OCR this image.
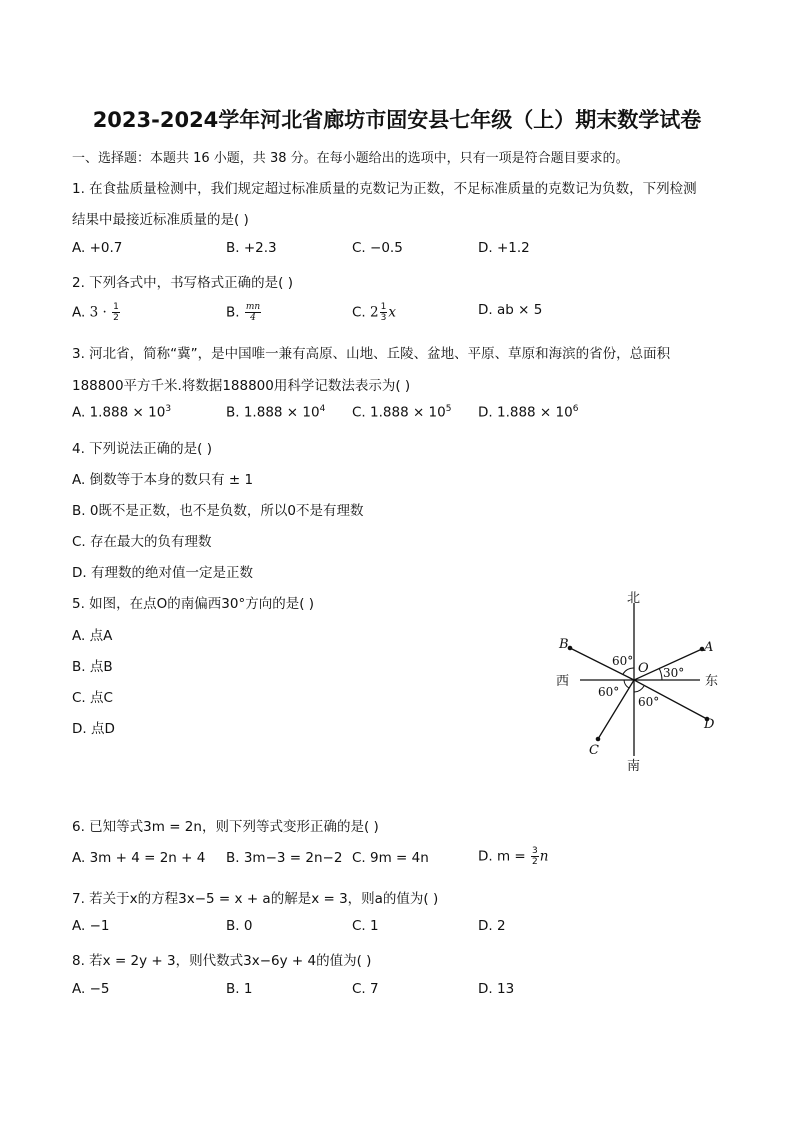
2023-2024学年河北省廊坊市固安县七年级（上）期末数学试卷
一、选择题：本题共 16 小题，共 38 分。在每小题给出的选项中，只有一项是符合题目要求的。
1. 在食盐质量检测中，我们规定超过标准质量的克数记为正数，不足标准质量的克数记为负数，下列检测
结果中最接近标准质量的是( )
A. +0.7	B. +2.3	C. −0.5	D. +1.2
2. 下列各式中，书写格式正确的是( )
A. $3 \cdot \frac{1}{2}$	B. $\frac{mn}{4}$	C. $2 \frac{1}{3}$ x	D. ab × 5
3. 河北省，简称“冀”，是中国唯一兼有高原、山地、丘陵、盆地、平原、草原和海滨的省份，总面积
188800平方千米.将数据188800用科学记数法表示为( )
A. $1.888 \times 10^3$	B. $1.888 \times 10^4$ C. $1.888 \times 10^5$ D. $1.888 \times 10^6$
4. 下列说法正确的是( )
A. 倒数等于本身的数只有 ± 1
B. 0既不是正数，也不是负数，所以0不是有理数
C. 存在最大的负有理数
D. 有理数的绝对值一定是正数
5. 如图，在点O的南偏西30°方向的是( )
A. 点A
B. 点B
C. 点C
D. 点D
北
南
西	东
O
A
B
C
D
60°
30°
60°
60°
6. 已知等式3m = 2n，则下列等式变形正确的是( )
A. 3m + 4 = 2n + 4 B. 3m−3 = 2n−2 C. 9m = 4n	D. $m = \frac{3}{2}$ n
7. 若关于x的方程3x−5 = x + a的解是x = 3，则a的值为( )
A. −1	B. 0	C. 1	D. 2
8. 若x = 2y + 3，则代数式3x−6y + 4的值为( )
A. −5	B. 1	C. 7	D. 13
